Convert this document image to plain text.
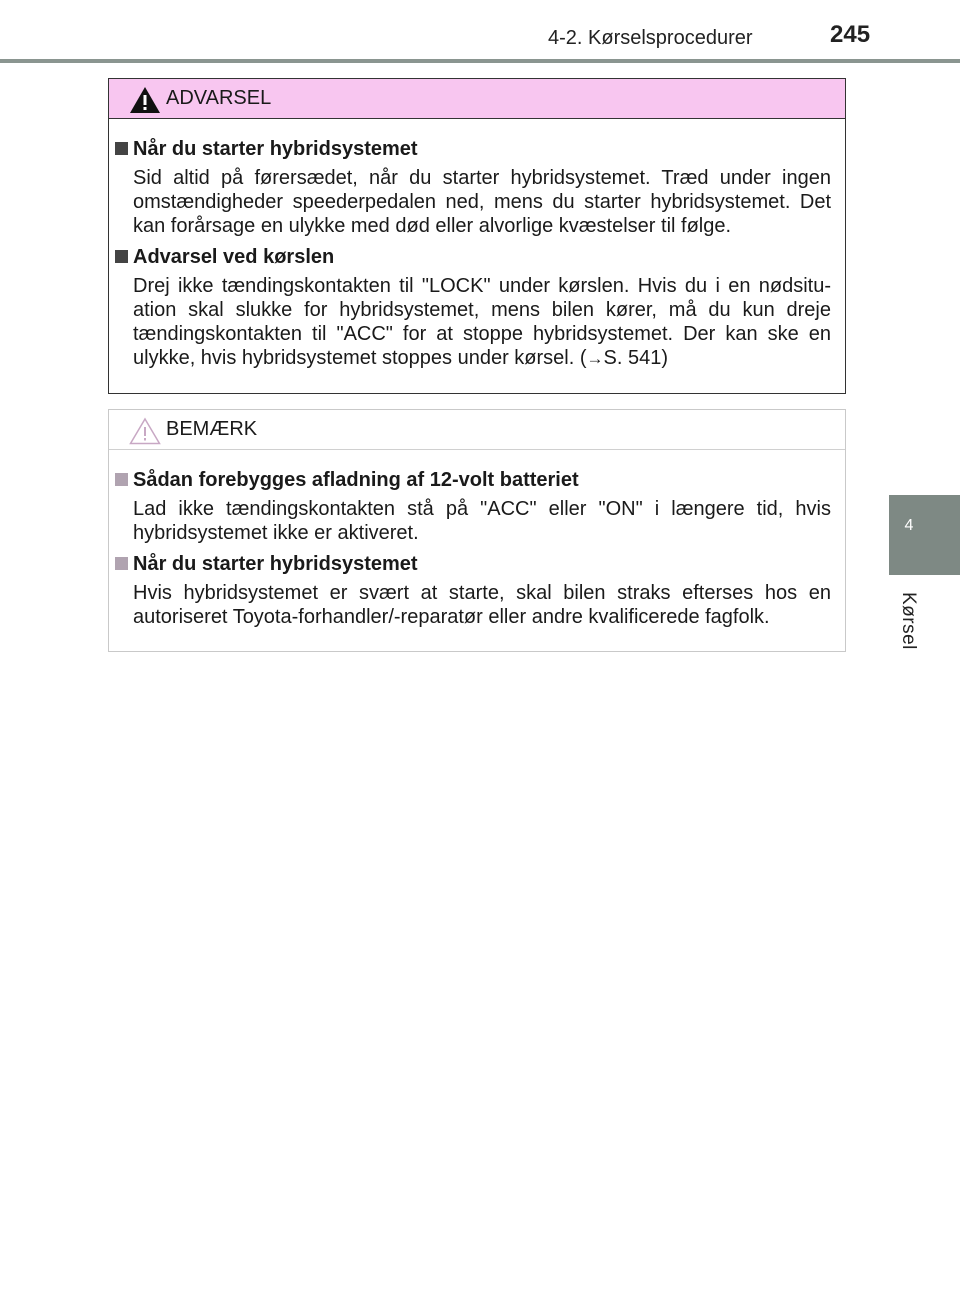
4-2. Kørselsprocedurer	245
4
Kørsel
ADVARSEL
Når du starter hybridsystemet
Sid altid på førersædet, når du starter hybridsystemet. Træd under ingen omstændigheder speederpedalen ned, mens du starter hybridsystemet. Det kan forårsage en ulykke med død eller alvorlige kvæstelser til følge.
Advarsel ved kørslen
Drej ikke tændingskontakten til "LOCK" under kørslen. Hvis du i en nødsitu-ation skal slukke for hybridsystemet, mens bilen kører, må du kun dreje tændingskontakten til "ACC" for at stoppe hybridsystemet. Der kan ske en ulykke, hvis hybridsystemet stoppes under kørsel. (→S. 541)
BEMÆRK
Sådan forebygges afladning af 12-volt batteriet
Lad ikke tændingskontakten stå på "ACC" eller "ON" i længere tid, hvis hybridsystemet ikke er aktiveret.
Når du starter hybridsystemet
Hvis hybridsystemet er svært at starte, skal bilen straks efterses hos en autoriseret Toyota-forhandler/-reparatør eller andre kvalificerede fagfolk.
